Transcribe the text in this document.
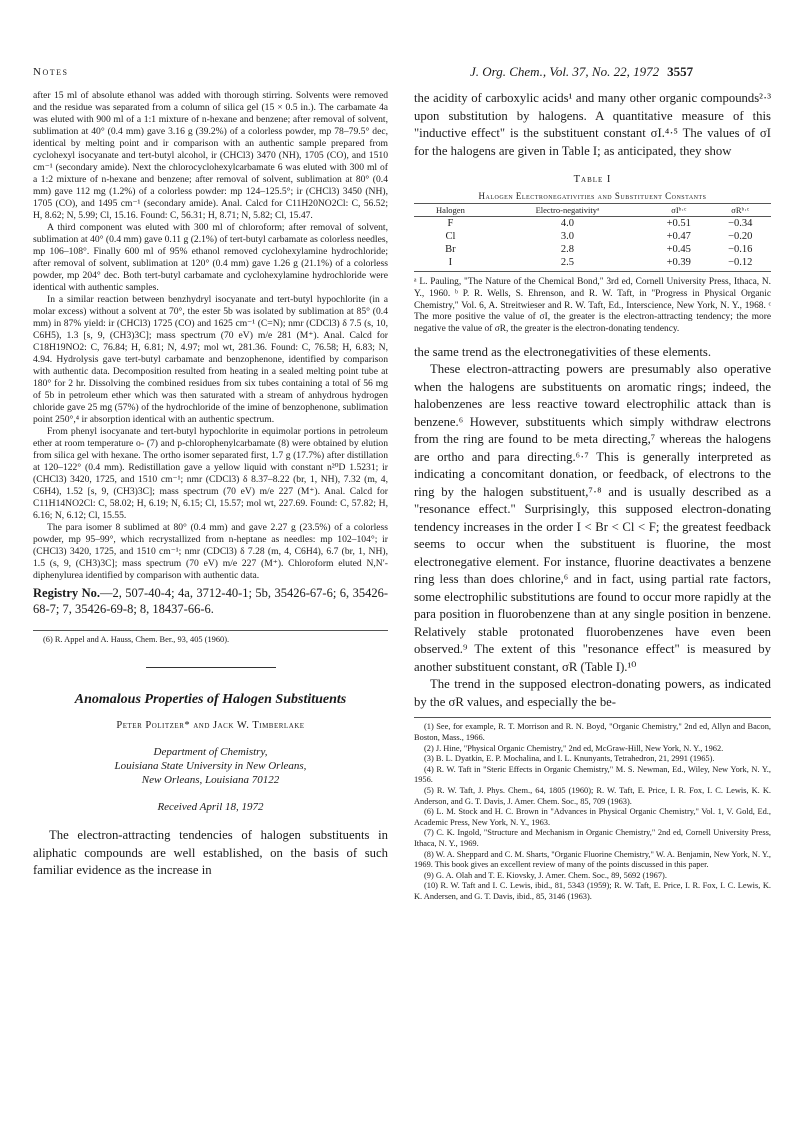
Notes	J. Org. Chem., Vol. 37, No. 22, 1972 3557

after 15 ml of absolute ethanol was added with thorough stirring. Solvents were removed and the residue was separated from a column of silica gel (15 × 0.5 in.). The carbamate 4a was eluted with 900 ml of a 1:1 mixture of n-hexane and benzene; after removal of solvent, sublimation at 40° (0.4 mm) gave 3.16 g (39.2%) of a colorless powder, mp 78–79.5° dec, identical by melting point and ir comparison with an authentic sample prepared from cyclohexyl isocyanate and tert-butyl alcohol, ir (CHCl3) 3470 (NH), 1705 (CO), and 1510 cm⁻¹ (secondary amide). Next the chlorocyclohexylcarbamate 6 was eluted with 300 ml of a 1:2 mixture of n-hexane and benzene; after removal of solvent, sublimation at 80° (0.4 mm) gave 112 mg (1.2%) of a colorless powder: mp 124–125.5°; ir (CHCl3) 3450 (NH), 1705 (CO), and 1495 cm⁻¹ (secondary amide). Anal. Calcd for C11H20NO2Cl: C, 56.52; H, 8.62; N, 5.99; Cl, 15.16. Found: C, 56.31; H, 8.71; N, 5.82; Cl, 15.47.

A third component was eluted with 300 ml of chloroform; after removal of solvent, sublimation at 40° (0.4 mm) gave 0.11 g (2.1%) of tert-butyl carbamate as colorless needles, mp 106–108°. Finally 600 ml of 95% ethanol removed cyclohexylamine hydrochloride; after removal of solvent, sublimation at 120° (0.4 mm) gave 1.26 g (21.1%) of a colorless powder, mp 204° dec. Both tert-butyl carbamate and cyclohexylamine hydrochloride were identical with authentic samples.

In a similar reaction between benzhydryl isocyanate and tert-butyl hypochlorite (in a molar excess) without a solvent at 70°, the ester 5b was isolated by sublimation at 85° (0.4 mm) in 87% yield: ir (CHCl3) 1725 (CO) and 1625 cm⁻¹ (C=N); nmr (CDCl3) δ 7.5 (s, 10, C6H5), 1.3 [s, 9, (CH3)3C]; mass spectrum (70 eV) m/e 281 (M⁺). Anal. Calcd for C18H19NO2: C, 76.84; H, 6.81; N, 4.97; mol wt, 281.36. Found: C, 76.58; H, 6.83; N, 4.94. Hydrolysis gave tert-butyl carbamate and benzophenone, identified by comparison with authentic data. Decomposition resulted from heating in a sealed melting point tube at 180° for 2 hr. Dissolving the combined residues from six tubes containing a total of 56 mg of 5b in petroleum ether which was then saturated with a stream of anhydrous hydrogen chloride gave 25 mg (57%) of the hydrochloride of the imine of benzophenone, sublimation point 250°,⁴ ir absorption identical with an authentic spectrum.

From phenyl isocyanate and tert-butyl hypochlorite in equimolar portions in petroleum ether at room temperature o- (7) and p-chlorophenylcarbamate (8) were obtained by elution from silica gel with hexane. The ortho isomer separated first, 1.7 g (17.7%) after distillation at 120–122° (0.4 mm). Redistillation gave a yellow liquid with constant n²⁰D 1.5231; ir (CHCl3) 3420, 1725, and 1510 cm⁻¹; nmr (CDCl3) δ 8.37–8.22 (br, 1, NH), 7.32 (m, 4, C6H4), 1.52 [s, 9, (CH3)3C]; mass spectrum (70 eV) m/e 227 (M⁺). Anal. Calcd for C11H14NO2Cl: C, 58.02; H, 6.19; N, 6.15; Cl, 15.57; mol wt, 227.69. Found: C, 57.82; H, 6.16; N, 6.12; Cl, 15.55.

The para isomer 8 sublimed at 80° (0.4 mm) and gave 2.27 g (23.5%) of a colorless powder, mp 95–99°, which recrystallized from n-heptane as needles: mp 102–104°; ir (CHCl3) 3420, 1725, and 1510 cm⁻¹; nmr (CDCl3) δ 7.28 (m, 4, C6H4), 6.7 (br, 1, NH), 1.5 (s, 9, (CH3)3C]; mass spectrum (70 eV) m/e 227 (M⁺). Chloroform eluted N,N′-diphenylurea identified by comparison with authentic data.

Registry No.—2, 507-40-4; 4a, 3712-40-1; 5b, 35426-67-6; 6, 35426-68-7; 7, 35426-69-8; 8, 18437-66-6.

(6) R. Appel and A. Hauss, Chem. Ber., 93, 405 (1960).

Anomalous Properties of Halogen Substituents

Peter Politzer* and Jack W. Timberlake

Department of Chemistry,
Louisiana State University in New Orleans,
New Orleans, Louisiana 70122

Received April 18, 1972

The electron-attracting tendencies of halogen substituents in aliphatic compounds are well established, on the basis of such familiar evidence as the increase in

the acidity of carboxylic acids¹ and many other organic compounds²·³ upon substitution by halogens. A quantitative measure of this "inductive effect" is the substituent constant σI.⁴·⁵ The values of σI for the halogens are given in Table I; as anticipated, they show

Table I
Halogen Electronegativities and Substituent Constants
Halogen	Electro-negativityᵃ	σIᵇ·ᶜ	σRᵇ·ᶜ
F	4.0	+0.51	−0.34
Cl	3.0	+0.47	−0.20
Br	2.8	+0.45	−0.16
I	2.5	+0.39	−0.12

ᵃ L. Pauling, "The Nature of the Chemical Bond," 3rd ed, Cornell University Press, Ithaca, N. Y., 1960. ᵇ P. R. Wells, S. Ehrenson, and R. W. Taft, in "Progress in Physical Organic Chemistry," Vol. 6, A. Streitwieser and R. W. Taft, Ed., Interscience, New York, N. Y., 1968. ᶜ The more positive the value of σI, the greater is the electron-attracting tendency; the more negative the value of σR, the greater is the electron-donating tendency.

the same trend as the electronegativities of these elements.

These electron-attracting powers are presumably also operative when the halogens are substituents on aromatic rings; indeed, the halobenzenes are less reactive toward electrophilic attack than is benzene.⁶ However, substituents which simply withdraw electrons from the ring are found to be meta directing,⁷ whereas the halogens are ortho and para directing.⁶·⁷ This is generally interpreted as indicating a concomitant donation, or feedback, of electrons to the ring by the halogen substituent,⁷·⁸ and is usually described as a "resonance effect." Surprisingly, this supposed electron-donating tendency increases in the order I < Br < Cl < F; the greatest feedback seems to occur when the substituent is fluorine, the most electronegative element. For instance, fluorine deactivates a benzene ring less than does chlorine,⁶ and in fact, using partial rate factors, some electrophilic substitutions are found to occur more rapidly at the para position in fluorobenzene than at any single position in benzene. Relatively stable protonated fluorobenzenes have even been observed.⁹ The extent of this "resonance effect" is measured by another substituent constant, σR (Table I).¹⁰

The trend in the supposed electron-donating powers, as indicated by the σR values, and especially the be-

(1) See, for example, R. T. Morrison and R. N. Boyd, "Organic Chemistry," 2nd ed, Allyn and Bacon, Boston, Mass., 1966.

(2) J. Hine, "Physical Organic Chemistry," 2nd ed, McGraw-Hill, New York, N. Y., 1962.

(3) B. L. Dyatkin, E. P. Mochalina, and I. L. Knunyants, Tetrahedron, 21, 2991 (1965).

(4) R. W. Taft in "Steric Effects in Organic Chemistry," M. S. Newman, Ed., Wiley, New York, N. Y., 1956.

(5) R. W. Taft, J. Phys. Chem., 64, 1805 (1960); R. W. Taft, E. Price, I. R. Fox, I. C. Lewis, K. K. Anderson, and G. T. Davis, J. Amer. Chem. Soc., 85, 709 (1963).

(6) L. M. Stock and H. C. Brown in "Advances in Physical Organic Chemistry," Vol. 1, V. Gold, Ed., Academic Press, New York, N. Y., 1963.

(7) C. K. Ingold, "Structure and Mechanism in Organic Chemistry," 2nd ed, Cornell University Press, Ithaca, N. Y., 1969.

(8) W. A. Sheppard and C. M. Sharts, "Organic Fluorine Chemistry," W. A. Benjamin, New York, N. Y., 1969. This book gives an excellent review of many of the points discussed in this paper.

(9) G. A. Olah and T. E. Kiovsky, J. Amer. Chem. Soc., 89, 5692 (1967).

(10) R. W. Taft and I. C. Lewis, ibid., 81, 5343 (1959); R. W. Taft, E. Price, I. R. Fox, I. C. Lewis, K. K. Andersen, and G. T. Davis, ibid., 85, 3146 (1963).
